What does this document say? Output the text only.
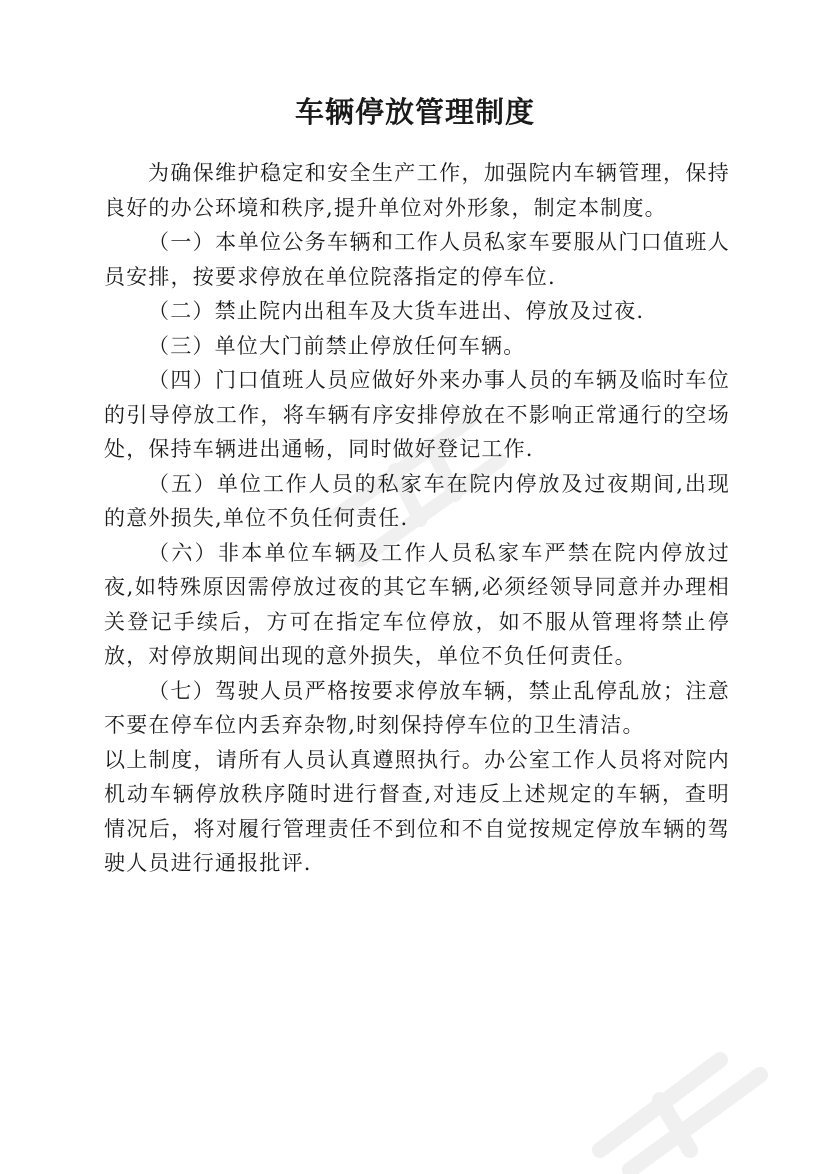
车辆停放管理制度

为确保维护稳定和安全生产工作，加强院内车辆管理，保持良好的办公环境和秩序,提升单位对外形象，制定本制度。

（一）本单位公务车辆和工作人员私家车要服从门口值班人员安排，按要求停放在单位院落指定的停车位.

（二）禁止院内出租车及大货车进出、停放及过夜.

（三）单位大门前禁止停放任何车辆。

（四）门口值班人员应做好外来办事人员的车辆及临时车位的引导停放工作，将车辆有序安排停放在不影响正常通行的空场处，保持车辆进出通畅，同时做好登记工作.

（五）单位工作人员的私家车在院内停放及过夜期间,出现的意外损失,单位不负任何责任.

（六）非本单位车辆及工作人员私家车严禁在院内停放过夜,如特殊原因需停放过夜的其它车辆,必须经领导同意并办理相关登记手续后，方可在指定车位停放，如不服从管理将禁止停放，对停放期间出现的意外损失，单位不负任何责任。

（七）驾驶人员严格按要求停放车辆，禁止乱停乱放；注意不要在停车位内丢弃杂物,时刻保持停车位的卫生清洁。

以上制度，请所有人员认真遵照执行。办公室工作人员将对院内机动车辆停放秩序随时进行督查,对违反上述规定的车辆，查明情况后，将对履行管理责任不到位和不自觉按规定停放车辆的驾驶人员进行通报批评.
